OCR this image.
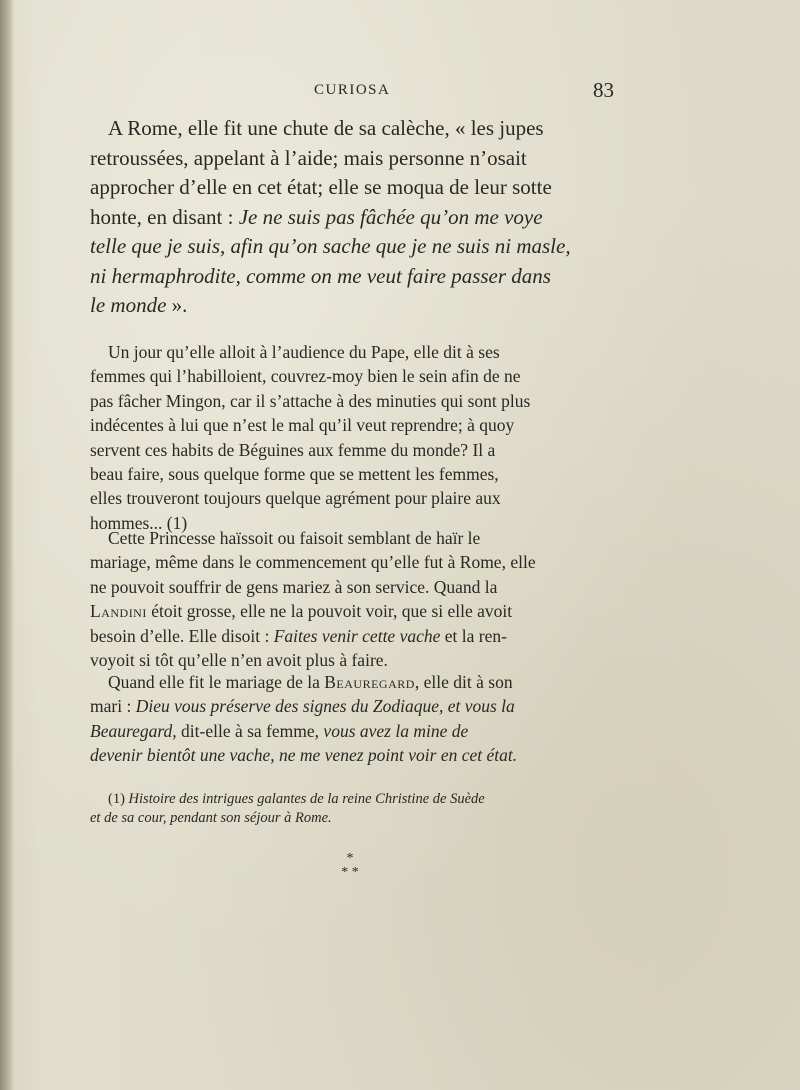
CURIOSA	83

A Rome, elle fit une chute de sa calèche, « les jupes
retroussées, appelant à l’aide; mais personne n’osait
approcher d’elle en cet état; elle se moqua de leur sotte
honte, en disant : Je ne suis pas fâchée qu’on me voye
telle que je suis, afin qu’on sache que je ne suis ni masle,
ni hermaphrodite, comme on me veut faire passer dans
le monde ».

Un jour qu’elle alloit à l’audience du Pape, elle dit à ses
femmes qui l’habilloient, couvrez-moy bien le sein afin de ne
pas fâcher Mingon, car il s’attache à des minuties qui sont plus
indécentes à lui que n’est le mal qu’il veut reprendre; à quoy
servent ces habits de Béguines aux femme du monde? Il a
beau faire, sous quelque forme que se mettent les femmes,
elles trouveront toujours quelque agrément pour plaire aux
hommes... (1)

Cette Princesse haïssoit ou faisoit semblant de haïr le
mariage, même dans le commencement qu’elle fut à Rome, elle
ne pouvoit souffrir de gens mariez à son service. Quand la
Landini étoit grosse, elle ne la pouvoit voir, que si elle avoit
besoin d’elle. Elle disoit : Faites venir cette vache et la ren-
voyoit si tôt qu’elle n’en avoit plus à faire.

Quand elle fit le mariage de la Beauregard, elle dit à son
mari : Dieu vous préserve des signes du Zodiaque, et vous la
Beauregard, dit-elle à sa femme, vous avez la mine de
devenir bientôt une vache, ne me venez point voir en cet état.

(1) Histoire des intrigues galantes de la reine Christine de Suède
et de sa cour, pendant son séjour à Rome.

*
* *
